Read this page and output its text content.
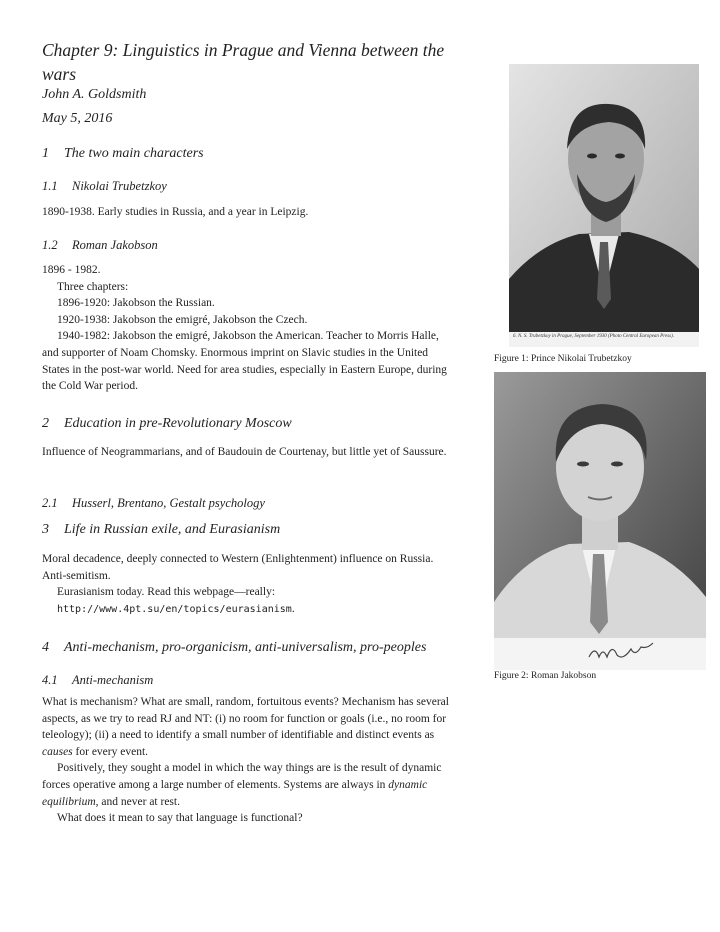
Chapter 9: Linguistics in Prague and Vienna between the wars
John A. Goldsmith
May 5, 2016
1 The two main characters
1.1 Nikolai Trubetzkoy
1890-1938. Early studies in Russia, and a year in Leipzig.
1.2 Roman Jakobson

1896 - 1982.

Three chapters:

1896-1920: Jakobson the Russian.

1920-1938: Jakobson the emigré, Jakobson the Czech.

1940-1982: Jakobson the emigré, Jakobson the American. Teacher to Morris Halle, and supporter of Noam Chomsky. Enormous imprint on Slavic studies in the United States in the post-war world. Need for area studies, especially in Eastern Europe, during the Cold War period.

2 Education in pre-Revolutionary Moscow
Influence of Neogrammarians, and of Baudouin de Courtenay, but little yet of Saussure.
2.1 Husserl, Brentano, Gestalt psychology
3 Life in Russian exile, and Eurasianism

Moral decadence, deeply connected to Western (Enlightenment) influence on Russia. Anti-semitism.

Eurasianism today. Read this webpage—really:

http://www.4pt.su/en/topics/eurasianism.

4 Anti-mechanism, pro-organicism, anti-universalism, pro-peoples
4.1 Anti-mechanism

What is mechanism? What are small, random, fortuitous events? Mechanism has several aspects, as we try to read RJ and NT: (i) no room for function or goals (i.e., no room for teleology); (ii) a need to identify a small number of identifiable and distinct events as causes for every event.

Positively, they sought a model in which the way things are is the result of dynamic forces operative among a large number of elements. Systems are always in dynamic equilibrium, and never at rest.

What does it mean to say that language is functional?

6. N. S. Trubetzkoy in Prague, September 1930 (Photo Central European Press).
Figure 1: Prince Nikolai Trubetzkoy
Figure 2: Roman Jakobson
